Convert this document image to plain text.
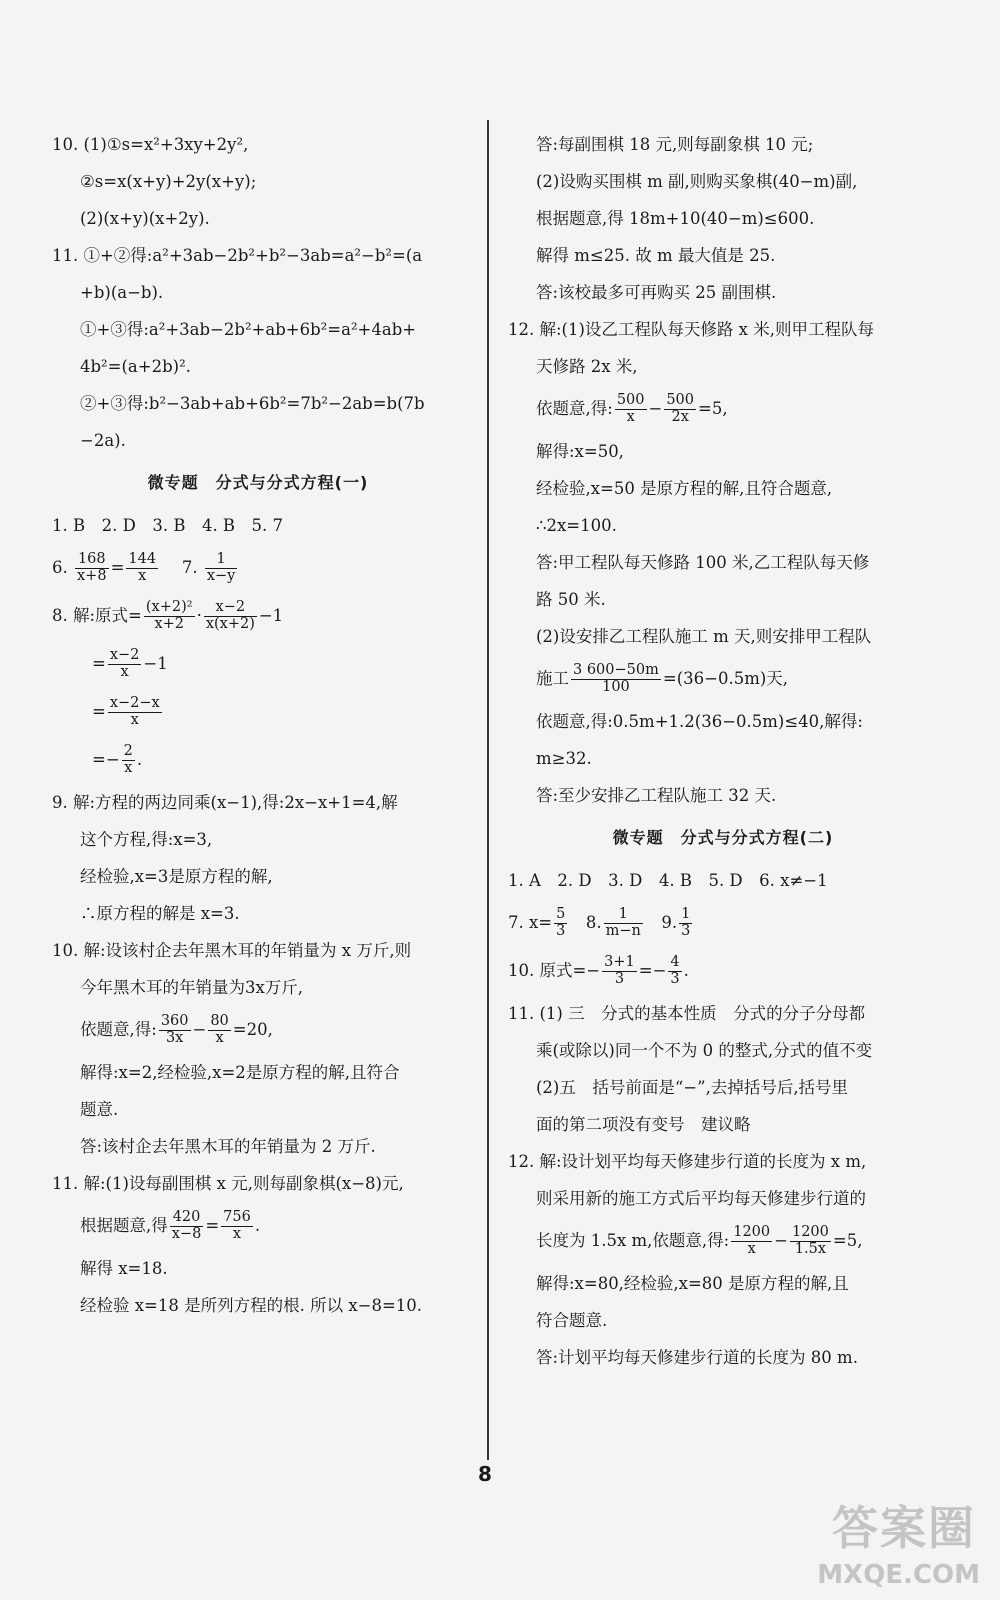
10. (1)①s=x²+3xy+2y²,
②s=x(x+y)+2y(x+y);
(2)(x+y)(x+2y).
11. ①+②得:a²+3ab−2b²+b²−3ab=a²−b²=(a
+b)(a−b).
①+③得:a²+3ab−2b²+ab+6b²=a²+4ab+
4b²=(a+2b)².
②+③得:b²−3ab+ab+6b²=7b²−2ab=b(7b
−2a).
微专题　分式与分式方程(一)
1. B　2. D　3. B　4. B　5. 7
6. $\frac{168}{x+8} = \frac{144}{x}$
  7. $\frac{1}{x-y}$
8. 解:原式= $\frac{\text{(x+2)²}}{x+2} \cdot \frac{x-2}{x(x+2)} -1$
= $\frac{x-2}{x} -1$
= $\frac{x-2-x}{x}$
=− $\frac{2}{x}$ .
9. 解:方程的两边同乘(x−1),得:2x−x+1=4,解
这个方程,得:x=3,
经检验,x=3是原方程的解,
∴原方程的解是 x=3.
10. 解:设该村企去年黑木耳的年销量为 x 万斤,则
今年黑木耳的年销量为3x万斤,
依题意,得: $\frac{360}{3x} - \frac{80}{x} =20$,
解得:x=2,经检验,x=2是原方程的解,且符合
题意.
答:该村企去年黑木耳的年销量为 2 万斤.
11. 解:(1)设每副围棋 x 元,则每副象棋(x−8)元,
根据题意,得 $\frac{420}{x-8} = \frac{756}{x}$ .
解得 x=18.
经检验 x=18 是所列方程的根. 所以 x−8=10.
答:每副围棋 18 元,则每副象棋 10 元;
(2)设购买围棋 m 副,则购买象棋(40−m)副,
根据题意,得 18m+10(40−m)≤600.
解得 m≤25. 故 m 最大值是 25.
答:该校最多可再购买 25 副围棋.
12. 解:(1)设乙工程队每天修路 x 米,则甲工程队每
天修路 2x 米,
依题意,得: $\frac{500}{x} - \frac{500}{2x} =5$,
解得:x=50,
经检验,x=50 是原方程的解,且符合题意,
∴2x=100.
答:甲工程队每天修路 100 米,乙工程队每天修
路 50 米.
(2)设安排乙工程队施工 m 天,则安排甲工程队
施工 $\frac{3 600-50m}{100} =(36-0.5m)$天,
依题意,得:0.5m+1.2(36−0.5m)≤40,解得:
m≥32.
答:至少安排乙工程队施工 32 天.
微专题　分式与分式方程(二)
1. A　2. D　3. D　4. B　5. D　6. x≠−1
7. $x= \frac{5}{3}$ 　8. $\frac{1}{m-n}$ 　9. $\frac{1}{3}$
10. 原式=− $\frac{3+1}{3} =- \frac{4}{3}$ .
11. (1) 三　分式的基本性质　分式的分子分母都
乘(或除以)同一个不为 0 的整式,分式的值不变
(2)五　括号前面是“−”,去掉括号后,括号里
面的第二项没有变号　建议略
12. 解:设计划平均每天修建步行道的长度为 x m,
则采用新的施工方式后平均每天修建步行道的
长度为 1.5x m,依题意,得: $\frac{1200}{x} - \frac{1200}{1.5x} =5$,
解得:x=80,经检验,x=80 是原方程的解,且
符合题意.
答:计划平均每天修建步行道的长度为 80 m.
8
答案圈
MXQE.COM
